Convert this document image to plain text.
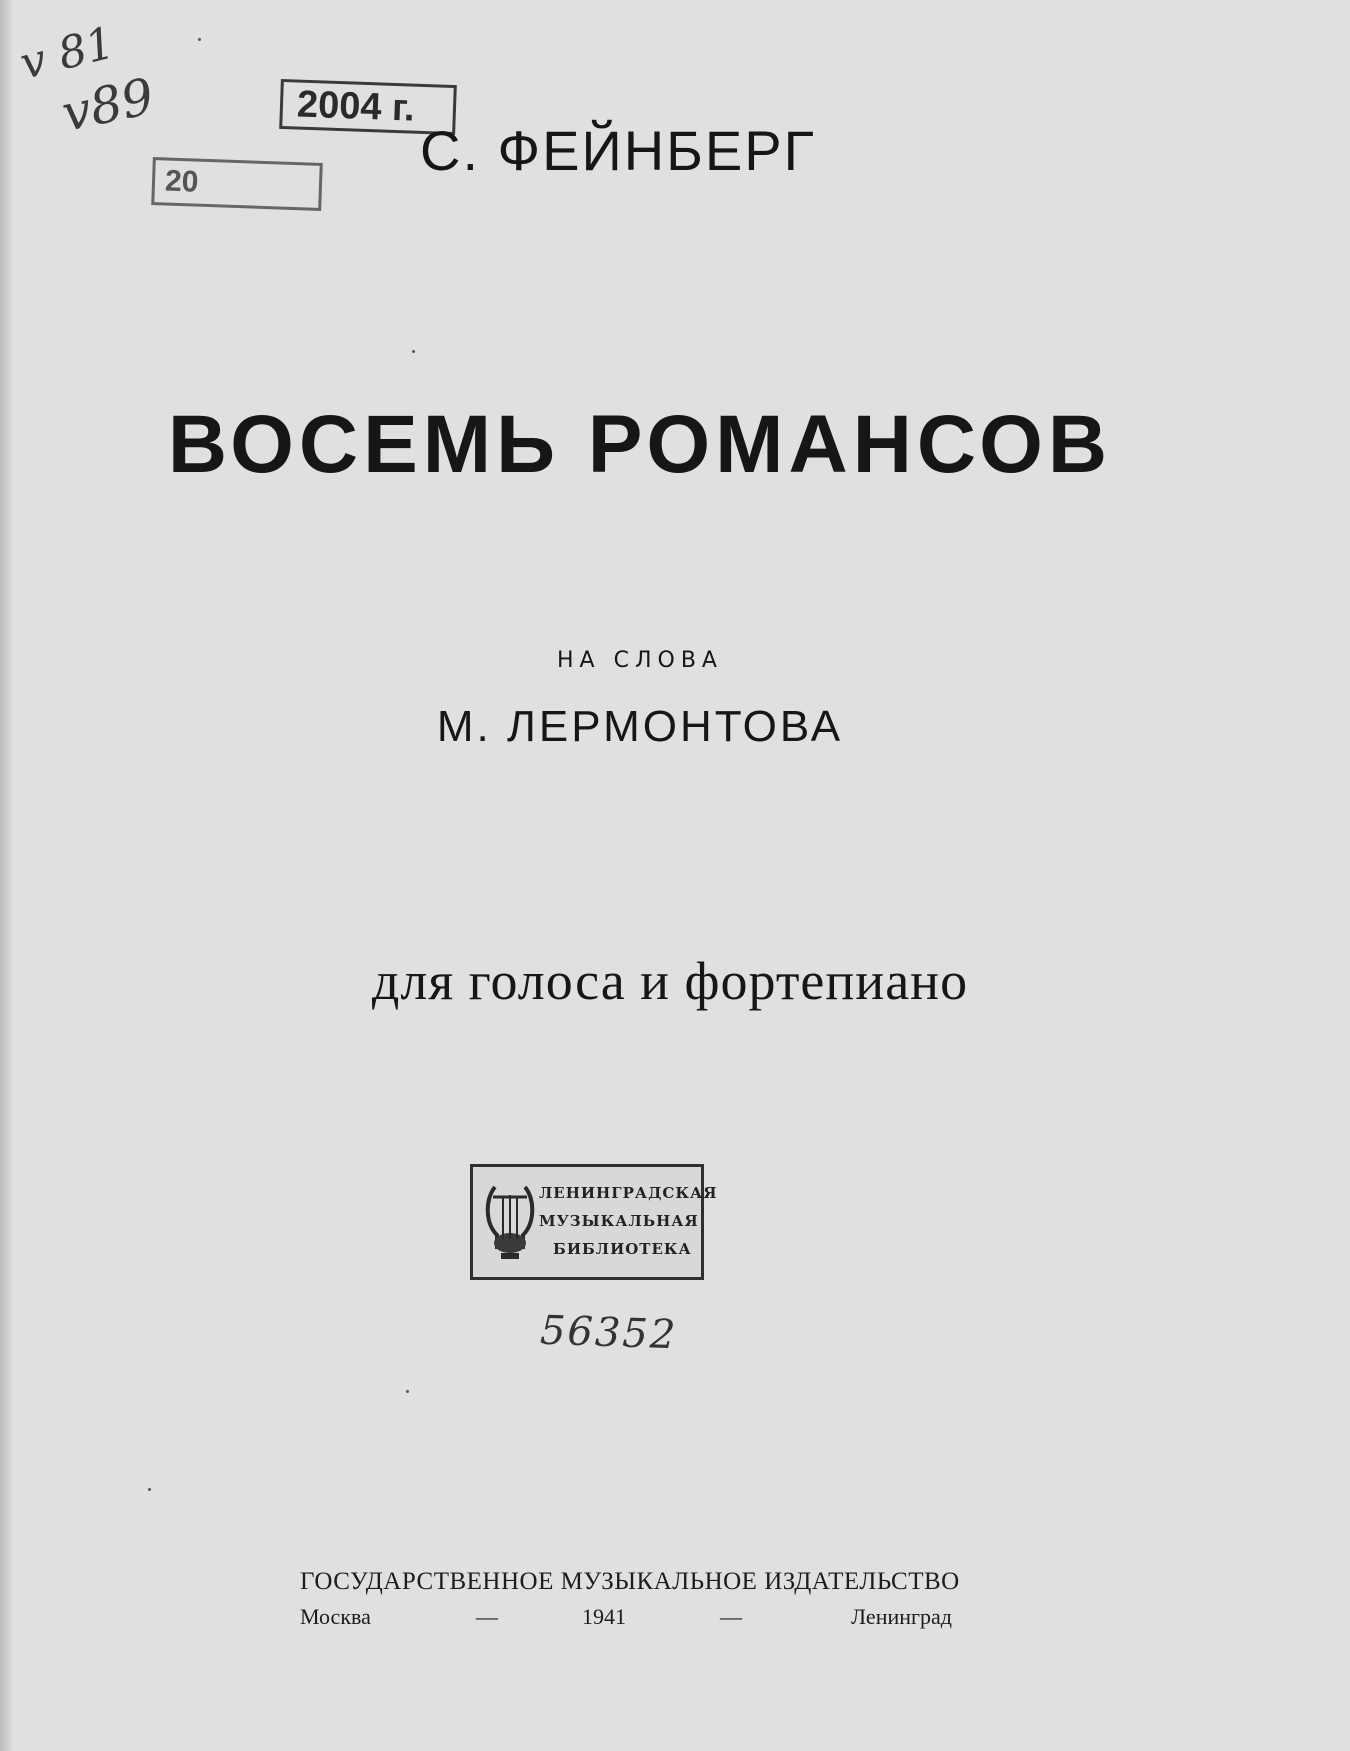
v 81
v89	2004 г.
20	С. ФЕЙНБЕРГ
ВОСЕМЬ РОМАНСОВ
НА СЛОВА
М. ЛЕРМОНТОВА
для голоса и фортепиано
ЛЕНИНГРАДСКАЯ
МУЗЫКАЛЬНАЯ
БИБЛИОТЕКА
56352
ГОСУДАРСТВЕННОЕ МУЗЫКАЛЬНОЕ ИЗДАТЕЛЬСТВО
Москва	—	1941	—	Ленинград
